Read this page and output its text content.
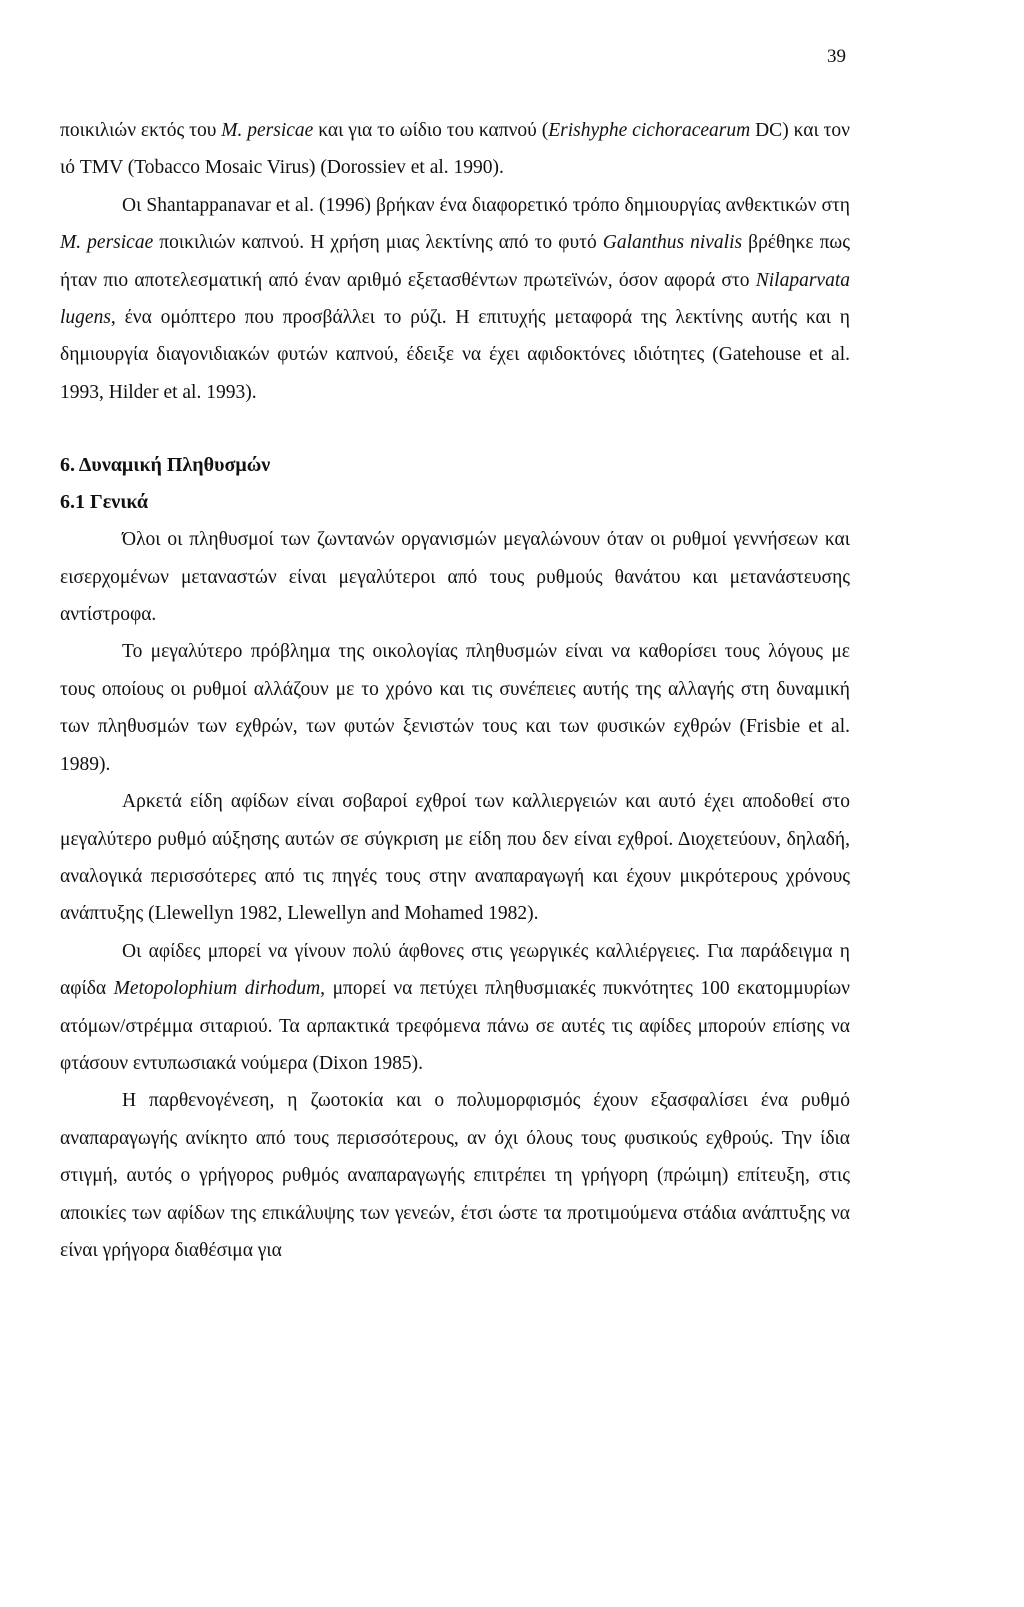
39

ποικιλιών εκτός του M. persicae και για το ωίδιο του καπνού (Erishyphe cichoracearum DC) και τον ιό TMV (Tobacco Mosaic Virus) (Dorossiev et al. 1990).

Οι Shantappanavar et al. (1996) βρήκαν ένα διαφορετικό τρόπο δημιουργίας ανθεκτικών στη M. persicae ποικιλιών καπνού. Η χρήση μιας λεκτίνης από το φυτό Galanthus nivalis βρέθηκε πως ήταν πιο αποτελεσματική από έναν αριθμό εξετασθέντων πρωτεϊνών, όσον αφορά στο Nilaparvata lugens, ένα ομόπτερο που προσβάλλει το ρύζι. Η επιτυχής μεταφορά της λεκτίνης αυτής και η δημιουργία διαγονιδιακών φυτών καπνού, έδειξε να έχει αφιδοκτόνες ιδιότητες (Gatehouse et al. 1993, Hilder et al. 1993).

6. Δυναμική Πληθυσμών

6.1 Γενικά

Όλοι οι πληθυσμοί των ζωντανών οργανισμών μεγαλώνουν όταν οι ρυθμοί γεννήσεων και εισερχομένων μεταναστών είναι μεγαλύτεροι από τους ρυθμούς θανάτου και μετανάστευσης αντίστροφα.

Το μεγαλύτερο πρόβλημα της οικολογίας πληθυσμών είναι να καθορίσει τους λόγους με τους οποίους οι ρυθμοί αλλάζουν με το χρόνο και τις συνέπειες αυτής της αλλαγής στη δυναμική των πληθυσμών των εχθρών, των φυτών ξενιστών τους και των φυσικών εχθρών (Frisbie et al. 1989).

Αρκετά είδη αφίδων είναι σοβαροί εχθροί των καλλιεργειών και αυτό έχει αποδοθεί στο μεγαλύτερο ρυθμό αύξησης αυτών σε σύγκριση με είδη που δεν είναι εχθροί. Διοχετεύουν, δηλαδή, αναλογικά περισσότερες από τις πηγές τους στην αναπαραγωγή και έχουν μικρότερους χρόνους ανάπτυξης (Llewellyn 1982, Llewellyn and Mohamed 1982).

Οι αφίδες μπορεί να γίνουν πολύ άφθονες στις γεωργικές καλλιέργειες. Για παράδειγμα η αφίδα Metopolophium dirhodum, μπορεί να πετύχει πληθυσμιακές πυκνότητες 100 εκατομμυρίων ατόμων/στρέμμα σιταριού. Τα αρπακτικά τρεφόμενα πάνω σε αυτές τις αφίδες μπορούν επίσης να φτάσουν εντυπωσιακά νούμερα (Dixon 1985).

Η παρθενογένεση, η ζωοτοκία και ο πολυμορφισμός έχουν εξασφαλίσει ένα ρυθμό αναπαραγωγής ανίκητο από τους περισσότερους, αν όχι όλους τους φυσικούς εχθρούς. Την ίδια στιγμή, αυτός ο γρήγορος ρυθμός αναπαραγωγής επιτρέπει τη γρήγορη (πρώιμη) επίτευξη, στις αποικίες των αφίδων της επικάλυψης των γενεών, έτσι ώστε τα προτιμούμενα στάδια ανάπτυξης να είναι γρήγορα διαθέσιμα για
